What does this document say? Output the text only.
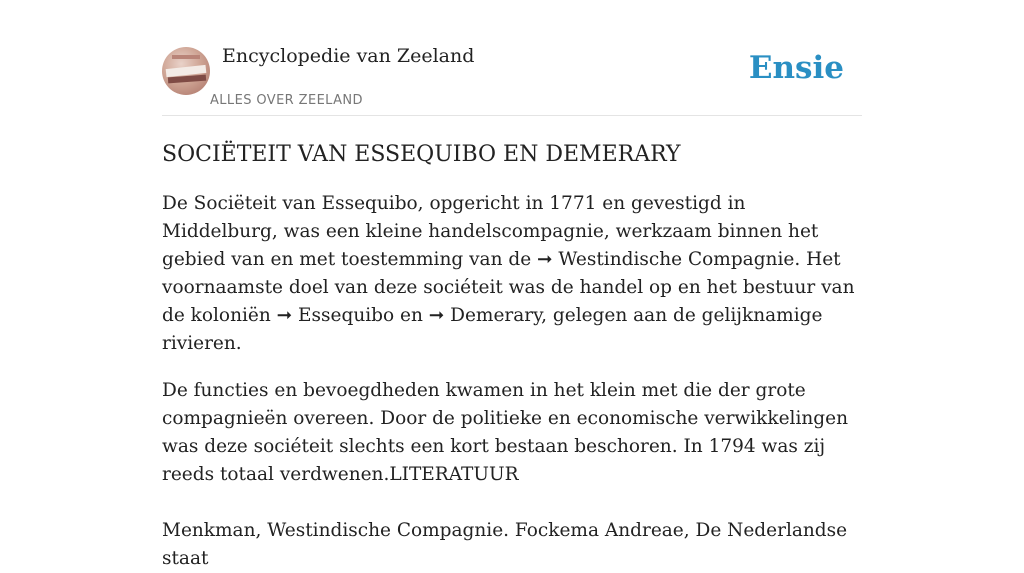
Encyclopedie van Zeeland
ALLES OVER ZEELAND
Ensie
SOCIËTEIT VAN ESSEQUIBO EN DEMERARY

De Sociëteit van Essequibo, opgericht in 1771 en gevestigd in Middelburg, was een kleine handelscompagnie, werkzaam binnen het gebied van en met toestemming van de ➞ Westindische Compagnie. Het voornaamste doel van deze sociéteit was de handel op en het bestuur van de koloniën ➞ Essequibo en ➞ Demerary, gelegen aan de gelijknamige rivieren.

De functies en bevoegdheden kwamen in het klein met die der grote compagnieën overeen. Door de politieke en economische verwikkelingen was deze sociéteit slechts een kort bestaan beschoren. In 1794 was zij reeds totaal verdwenen.LITERATUUR

Menkman, Westindische Compagnie. Fockema Andreae, De Nederlandse staat
